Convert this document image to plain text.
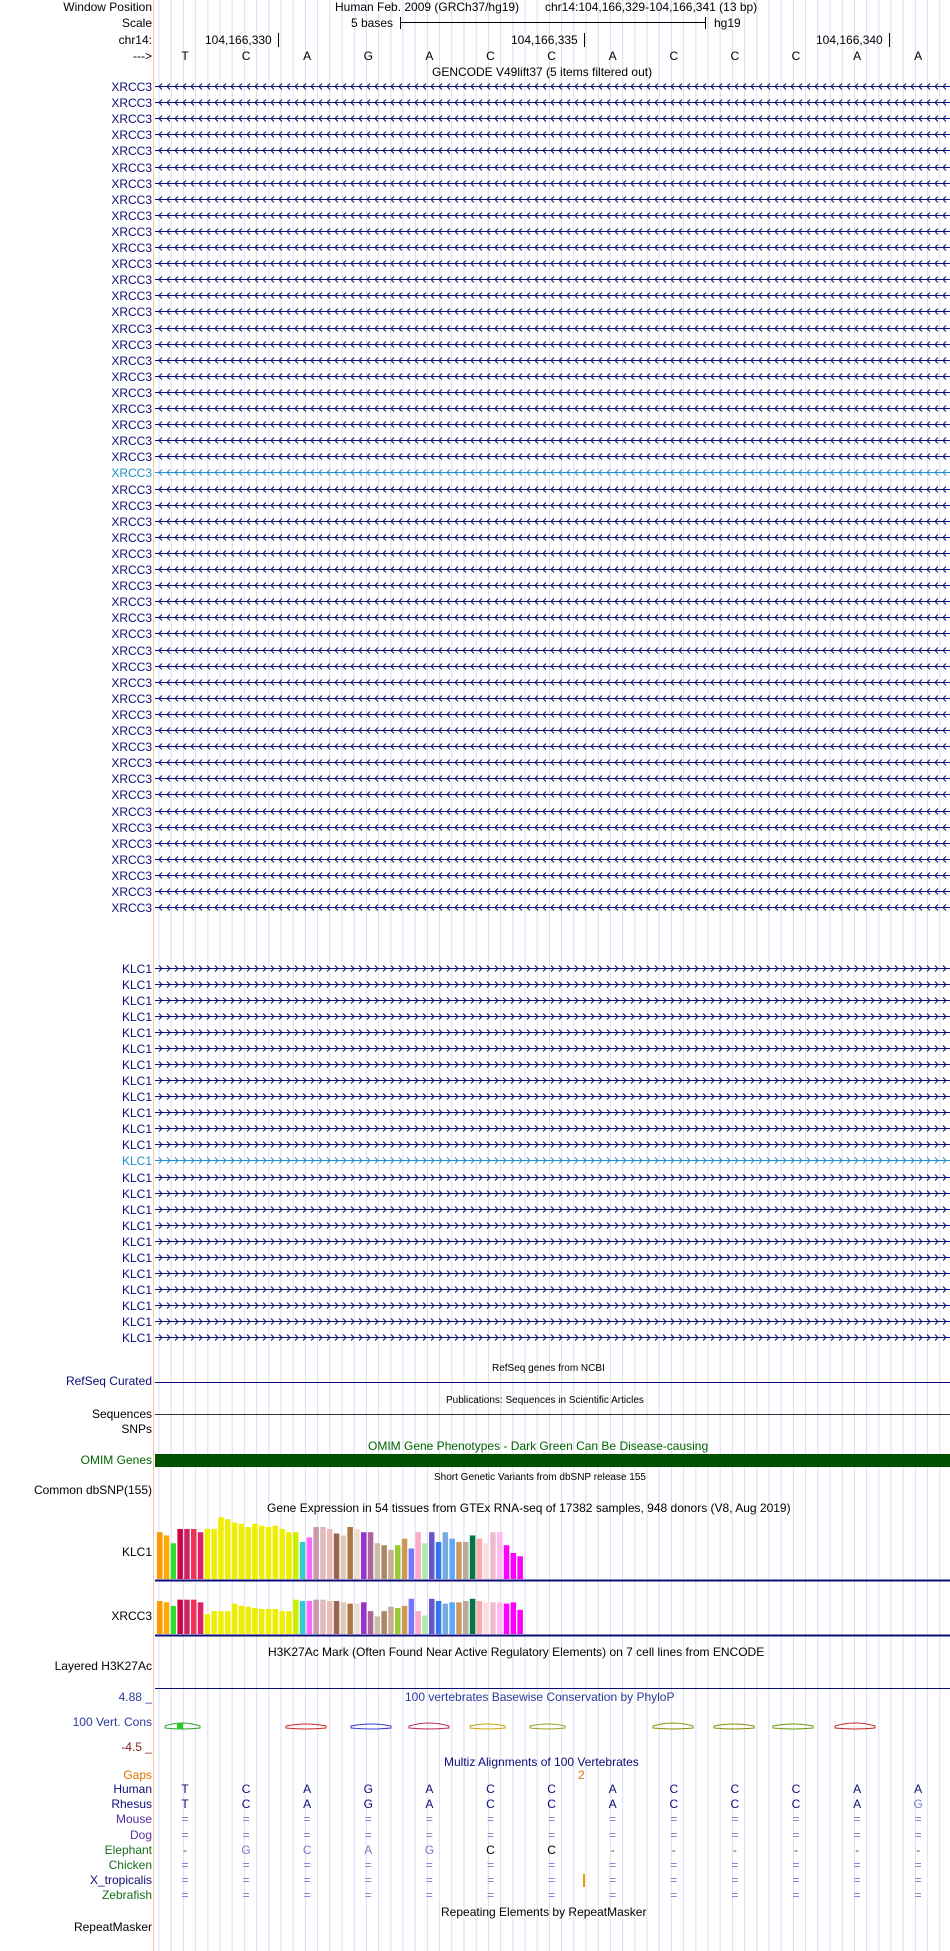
Window Position	Human Feb. 2009 (GRCh37/hg19) chr14:104,166,329-104,166,341 (13 bp)
Scale	5 bases	hg19
chr14:	104,166,330	104,166,335	104,166,340
--->	T	C	A	G	A	C	C	A	C	C	C	A	A
GENCODE V49lift37 (5 items filtered out)
XRCC3
XRCC3
XRCC3
XRCC3
XRCC3
XRCC3
XRCC3
XRCC3
XRCC3
XRCC3
XRCC3
XRCC3
XRCC3
XRCC3
XRCC3
XRCC3
XRCC3
XRCC3
XRCC3
XRCC3
XRCC3
XRCC3
XRCC3
XRCC3
XRCC3
XRCC3
XRCC3
XRCC3
XRCC3
XRCC3
XRCC3
XRCC3
XRCC3
XRCC3
XRCC3
XRCC3
XRCC3
XRCC3
XRCC3
XRCC3
XRCC3
XRCC3
XRCC3
XRCC3
XRCC3
XRCC3
XRCC3
XRCC3
XRCC3
XRCC3
XRCC3
XRCC3
KLC1
KLC1
KLC1
KLC1
KLC1
KLC1
KLC1
KLC1
KLC1
KLC1
KLC1
KLC1
KLC1
KLC1
KLC1
KLC1
KLC1
KLC1
KLC1
KLC1
KLC1
KLC1
KLC1
KLC1
RefSeq genes from NCBI
RefSeq Curated
Publications: Sequences in Scientific Articles
Sequences
SNPs
OMIM Gene Phenotypes - Dark Green Can Be Disease-causing
OMIM Genes
Short Genetic Variants from dbSNP release 155
Common dbSNP(155)
Gene Expression in 54 tissues from GTEx RNA-seq of 17382 samples, 948 donors (V8, Aug 2019)
KLC1
XRCC3
H3K27Ac Mark (Often Found Near Active Regulatory Elements) on 7 cell lines from ENCODE
Layered H3K27Ac
100 vertebrates Basewise Conservation by PhyloP
4.88 _
100 Vert. Cons
-4.5 _
Multiz Alignments of 100 Vertebrates
Gaps	2
Human	T	C	A	G	A	C	C	A	C	C	C	A	A
Rhesus	T	C	A	G	A	C	C	A	C	C	C	A	G
Mouse	=	=	=	=	=	=	=	=	=	=	=	=	=
Dog	=	=	=	=	=	=	=	=	=	=	=	=	=
Elephant	-	G	C	A	G	C	C	-	-	-	-	-	-
Chicken	=	=	=	=	=	=	=	=	=	=	=	=	=
X_tropicalis	=	=	=	=	=	=	=	=	=	=	=	=	=
Zebrafish	=	=	=	=	=	=	=	=	=	=	=	=	=
Repeating Elements by RepeatMasker
RepeatMasker
